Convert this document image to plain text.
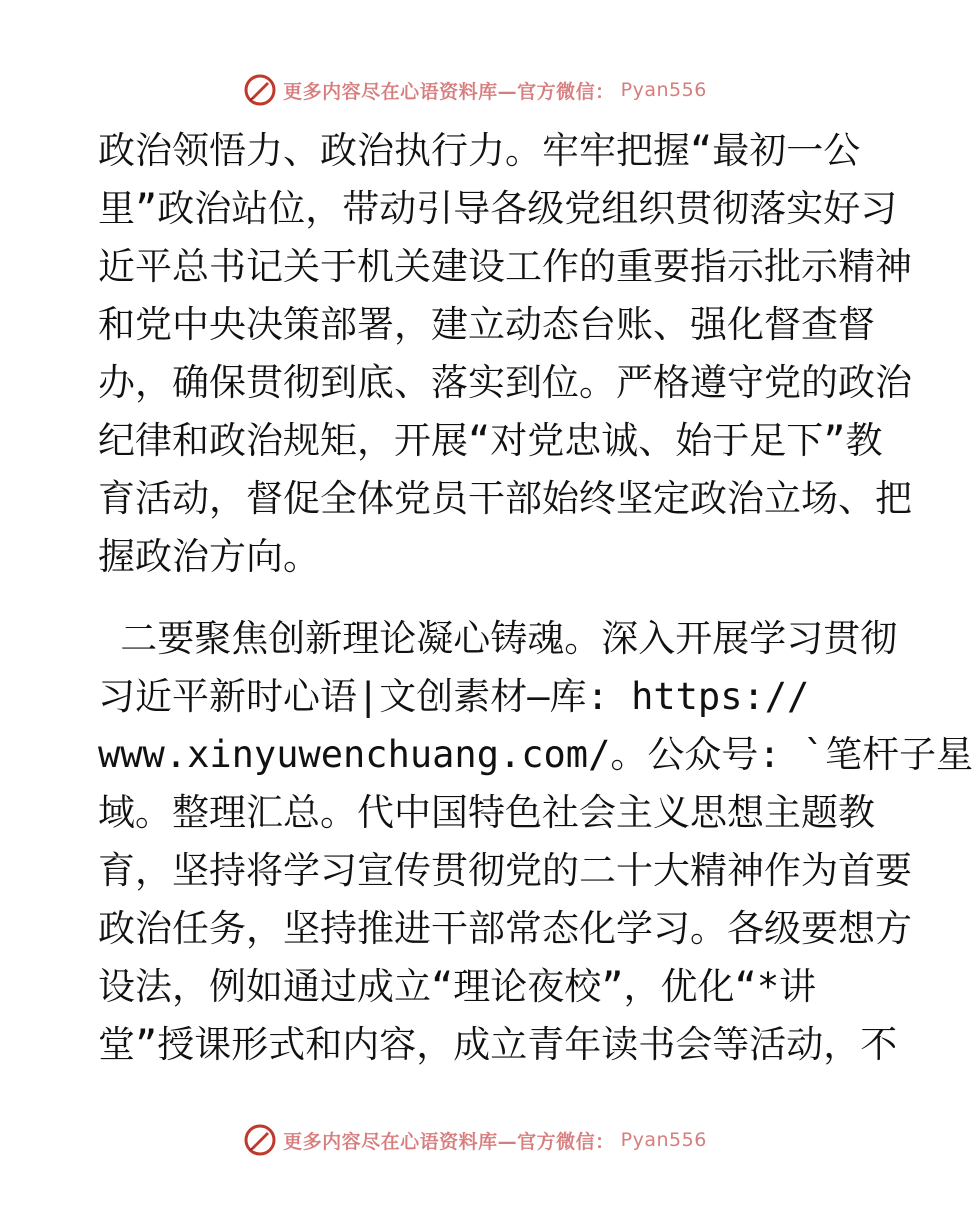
更多内容尽在心语资料库—官方微信： Pyan556
政治领悟力、政治执行力。牢牢把握“最初一公
里”政治站位，带动引导各级党组织贯彻落实好习
近平总书记关于机关建设工作的重要指示批示精神
和党中央决策部署，建立动态台账、强化督查督
办，确保贯彻到底、落实到位。严格遵守党的政治
纪律和政治规矩，开展“对党忠诚、始于足下”教
育活动，督促全体党员干部始终坚定政治立场、把
握政治方向。
二要聚焦创新理论凝心铸魂。深入开展学习贯彻
习近平新时心语|文创素材—库: https://
www.xinyuwenchuang.com/。公众号: `笔杆子星
域。整理汇总。代中国特色社会主义思想主题教
育，坚持将学习宣传贯彻党的二十大精神作为首要
政治任务，坚持推进干部常态化学习。各级要想方
设法，例如通过成立“理论夜校”，优化“*讲
堂”授课形式和内容，成立青年读书会等活动，不
更多内容尽在心语资料库—官方微信： Pyan556
